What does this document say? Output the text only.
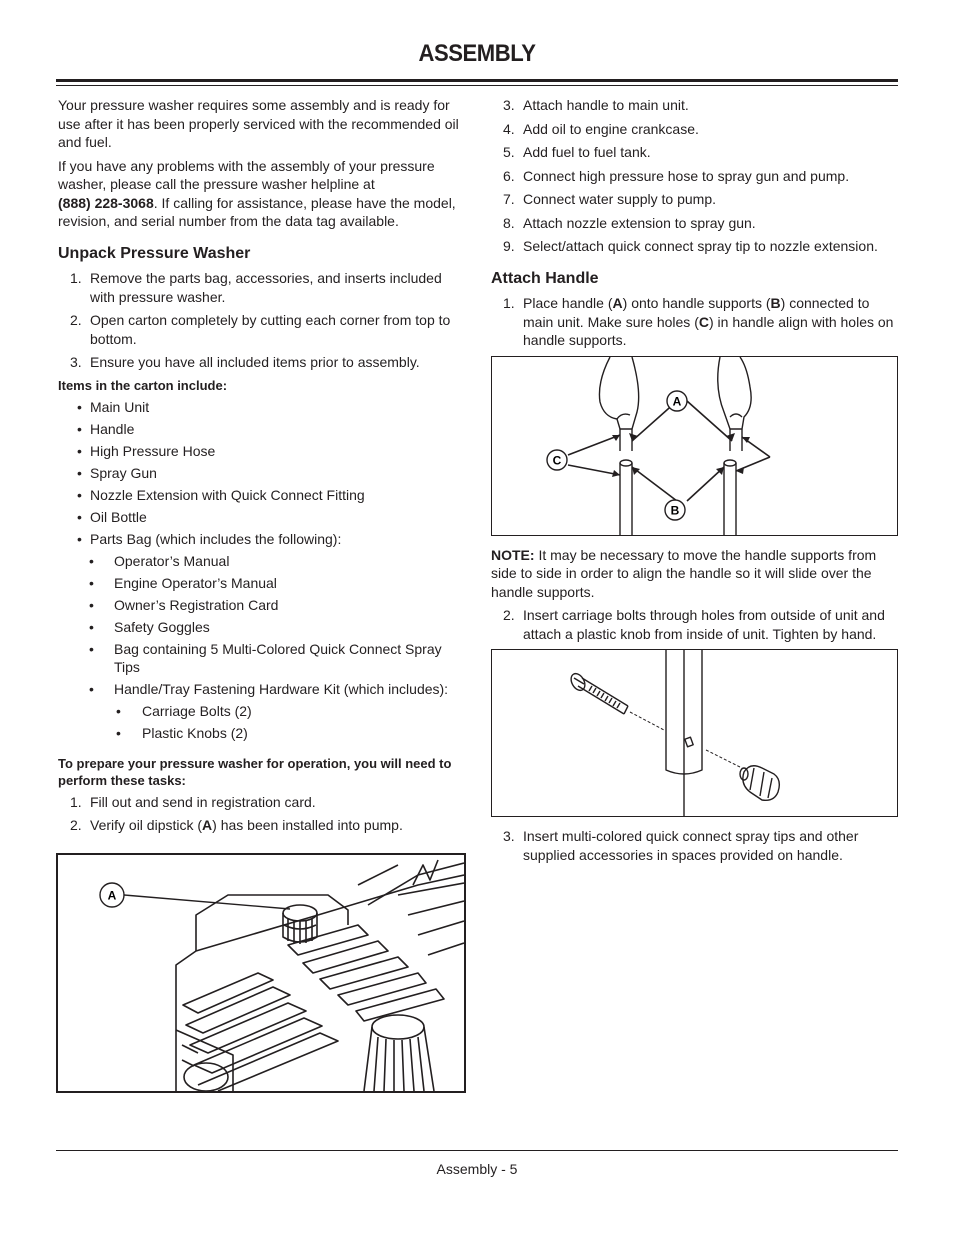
ASSEMBLY

Your pressure washer requires some assembly and is ready for use after it has been properly serviced with the recommended oil and fuel.

If you have any problems with the assembly of your pressure washer, please call the pressure washer helpline at
(888) 228-3068. If calling for assistance, please have the model, revision, and serial number from the data tag available.

Unpack Pressure Washer
1. Remove the parts bag, accessories, and inserts included with pressure washer.
2. Open carton completely by cutting each corner from top to bottom.
3. Ensure you have all included items prior to assembly.
Items in the carton include:
• Main Unit
• Handle
• High Pressure Hose
• Spray Gun
• Nozzle Extension with Quick Connect Fitting
• Oil Bottle
• Parts Bag (which includes the following):
• Operator’s Manual
• Engine Operator’s Manual
• Owner’s Registration Card
• Safety Goggles
• Bag containing 5 Multi-Colored Quick Connect Spray Tips
• Handle/Tray Fastening Hardware Kit (which includes):
• Carriage Bolts (2)
• Plastic Knobs (2)
To prepare your pressure washer for operation, you will need to perform these tasks:
1. Fill out and send in registration card.
2. Verify oil dipstick (A) has been installed into pump.
A
3. Attach handle to main unit.
4. Add oil to engine crankcase.
5. Add fuel to fuel tank.
6. Connect high pressure hose to spray gun and pump.
7. Connect water supply to pump.
8. Attach nozzle extension to spray gun.
9. Select/attach quick connect spray tip to nozzle extension.
Attach Handle
1. Place handle (A) onto handle supports (B) connected to main unit. Make sure holes (C) in handle align with holes on handle supports.
A
C
B

NOTE: It may be necessary to move the handle supports from side to side in order to align the handle so it will slide over the handle supports.

2. Insert carriage bolts through holes from outside of unit and attach a plastic knob from inside of unit. Tighten by hand.
3. Insert multi-colored quick connect spray tips and other supplied accessories in spaces provided on handle.
Assembly - 5
